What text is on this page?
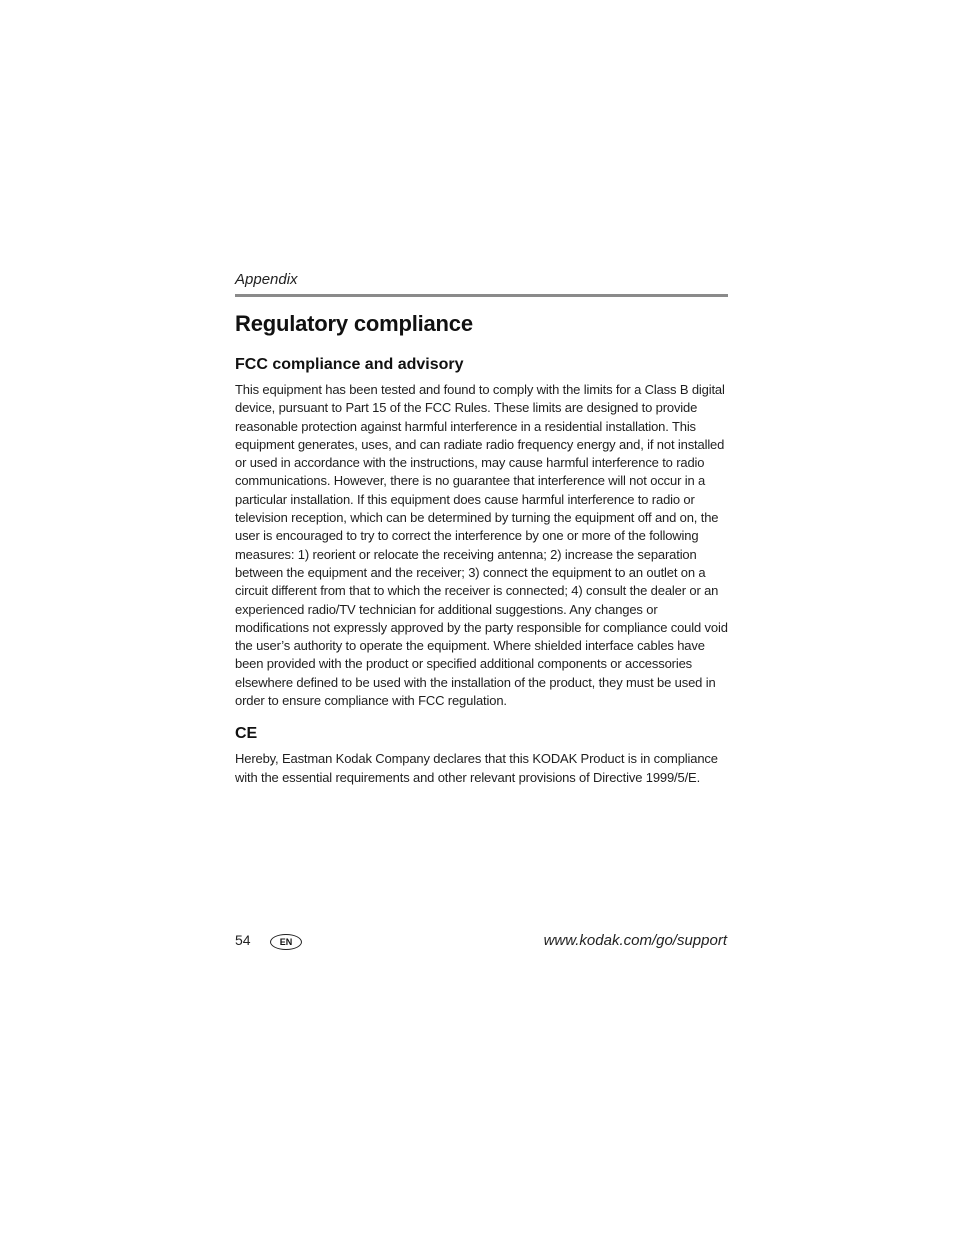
Appendix
Regulatory compliance
FCC compliance and advisory

This equipment has been tested and found to comply with the limits for a Class B digital device, pursuant to Part 15 of the FCC Rules. These limits are designed to provide reasonable protection against harmful interference in a residential installation. This equipment generates, uses, and can radiate radio frequency energy and, if not installed or used in accordance with the instructions, may cause harmful interference to radio communications. However, there is no guarantee that interference will not occur in a particular installation. If this equipment does cause harmful interference to radio or television reception, which can be determined by turning the equipment off and on, the user is encouraged to try to correct the interference by one or more of the following measures: 1) reorient or relocate the receiving antenna; 2) increase the separation between the equipment and the receiver; 3) connect the equipment to an outlet on a circuit different from that to which the receiver is connected; 4) consult the dealer or an experienced radio/TV technician for additional suggestions. Any changes or modifications not expressly approved by the party responsible for compliance could void the user’s authority to operate the equipment. Where shielded interface cables have been provided with the product or specified additional components or accessories elsewhere defined to be used with the installation of the product, they must be used in order to ensure compliance with FCC regulation.

CE

Hereby, Eastman Kodak Company declares that this KODAK Product is in compliance with the essential requirements and other relevant provisions of Directive 1999/5/E.

54	EN	www.kodak.com/go/support
